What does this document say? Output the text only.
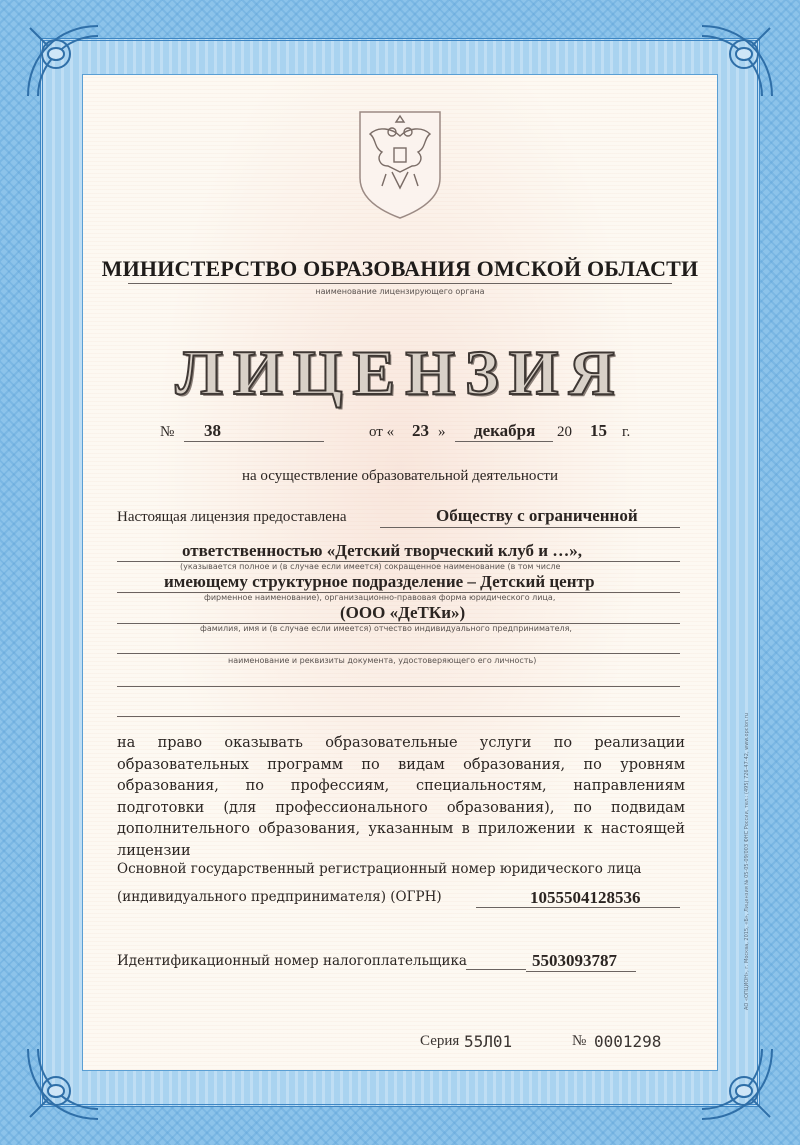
МИНИСТЕРСТВО ОБРАЗОВАНИЯ ОМСКОЙ ОБЛАСТИ
наименование лицензирующего органа
ЛИЦЕНЗИЯ
№ 38	от « 23 » декабря 20 15 г.
на осуществление образовательной деятельности
Настоящая лицензия предоставлена	Обществу с ограниченной
ответственностью «Детский творческий клуб и …»,
(указывается полное и (в случае если имеется) сокращенное наименование (в том числе
имеющему структурное подразделение – Детский центр
фирменное наименование), организационно-правовая форма юридического лица,
(ООО «ДеТКи»)
фамилия, имя и (в случае если имеется) отчество индивидуального предпринимателя,
наименование и реквизиты документа, удостоверяющего его личность)
на право оказывать образовательные услуги по реализации образовательных программ по видам образования, по уровням образования, по профессиям, специальностям, направлениям подготовки (для профессионального образования), по подвидам дополнительного образования, указанным в приложении к настоящей лицензии
Основной государственный регистрационный номер юридического лица
(индивидуального предпринимателя) (ОГРН)	1055504128536
Идентификационный номер налогоплательщика	5503093787
Серия 55Л01	№ 0001298
АО «ОПЦИОН», г. Москва, 2015, «Б», Лицензия № 05-05-09/003 ФНС России, тел.: (495) 726-47-42, www.opcion.ru
